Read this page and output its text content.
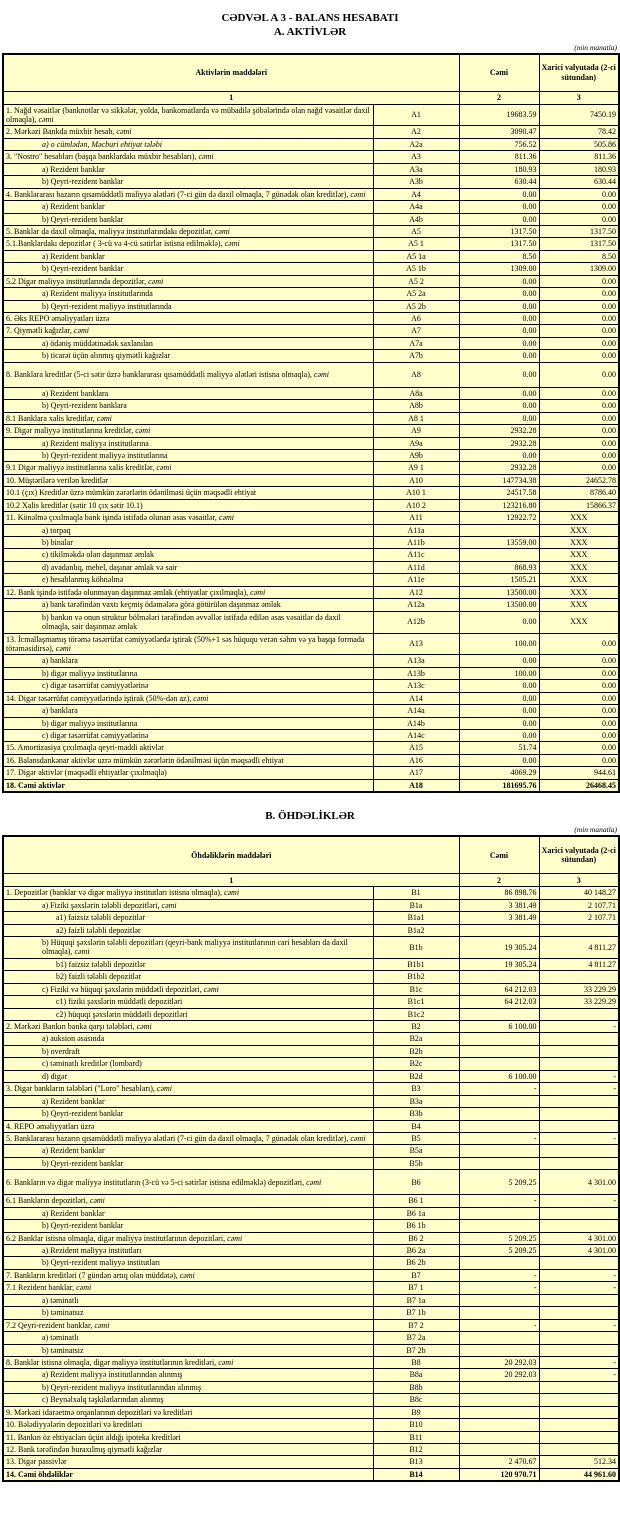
CƏDVƏL A 3 - BALANS HESABATI
A. AKTİVLƏR
(min manatla)
Aktivlərin maddələri		Cəmi	Xarici valyutada (2-ci sütundan)
1		2	3
1. Nağd vəsaitlər (banknotlar və sikkələr, yolda, bankomatlarda və mübadilə şöbələrində olan nağd vəsaitlər daxil olmaqla), cəmi	A1	19683.59	7450.19
2. Mərkəzi Bankda müxbir hesab, cəmi	A2	3090.47	78.42
a) o cümlədən, Məcburi ehtiyat tələbi	A2a	756.52	505.86
3. "Nostro" hesabları (başqa banklardakı müxbir hesabları), cəmi	A3	811.36	811.36
a) Rezident banklar	A3a	180.93	180.93
b) Qeyri-rezident banklar	A3b	630.44	630.44
4. Banklararası bazarın qısamüddətli maliyyə alətləri (7-ci gün də daxil olmaqla, 7 günədək olan kreditlər), cəmi	A4	0.00	0.00
a) Rezident banklar	A4a	0.00	0.00
b) Qeyri-rezident banklar	A4b	0.00	0.00
5. Banklar da daxil olmaqla, maliyyə institutlarındakı depozitlər, cəmi	A5	1317.50	1317.50
5.1.Banklardakı depozitlər ( 3-cü və 4-cü sətirlər istisna edilməklə), cəmi	A5 1	1317.50	1317.50
a) Rezident banklar	A5 1a	8.50	8.50
b) Qeyri-rezident banklar	A5 1b	1309.00	1309.00
5.2 Digər maliyyə institutlarında depozitlər, cəmi	A5 2	0.00	0.00
a) Rezident maliyyə institutlarında	A5 2a	0.00	0.00
b) Qeyri-rezident maliyyə institutlarında	A5 2b	0.00	0.00
6. Əks REPO əməliyyatları üzrə	A6	0.00	0.00
7. Qiymətli kağızlar, cəmi	A7	0.00	0.00
a) ödəniş müddətinədək saxlanılan	A7a	0.00	0.00
b) ticarət üçün alınmış qiymətli kağızlar	A7b	0.00	0.00
8. Banklara kreditlər (5-ci sətir üzrə banklararası qısamüddətli maliyyə alətləri istisna olmaqla), cəmi	A8	0.00	0.00
a) Rezident banklara	A8a	0.00	0.00
b) Qeyri-rezident banklara	A8b	0.00	0.00
8.1 Banklara xalis kreditlər, cəmi	A8 1	0.00	0.00
9. Digər maliyyə institutlarına kreditlər, cəmi	A9	2932.28	0.00
a) Rezident maliyyə institutlarına	A9a	2932.28	0.00
b) Qeyri-rezident maliyyə institutlarına	A9b	0.00	0.00
9.1 Digər maliyyə institutlarına xalis kreditlər, cəmi	A9 1	2932.28	0.00
10. Müştərilərə verilən kreditlər	A10	147734.38	24652.78
10.1 (çıx) Kreditlər üzrə mümkün zərərlərin ödənilməsi üçün məqsədli ehtiyat	A10 1	24517.58	8786.40
10.2 Xalis kreditlər (sətir 10 çıx sətir 10.1)	A10 2	123216.80	15866.37
11. Könəlmə çıxılmaqla bank işində istifadə olunan əsas vəsaitlər, cəmi	A11	12922.72	XXX
a) torpaq	A11a		XXX
b) binalar	A11b	13559.00	XXX
c) tikilməkdə olan daşınmaz əmlak	A11c		XXX
d) avadanlıq, mebel, daşınar əmlak və sair	A11d	868.93	XXX
e) hesablanmış köhnəlmə	A11e	1505.21	XXX
12. Bank işində istifadə olunmayan daşınmaz əmlak (ehtiyatlar çıxılmaqla), cəmi	A12	13500.00	XXX
a) bank tərəfindən vaxtı keçmiş ödəmələrə görə götürülən daşınmaz əmlak	A12a	13500.00	XXX
b) bankın və onun struktur bölmələri tərəfindən əvvəllər istifadə edilən əsas vəsaitlər də daxil olmaqla, sair daşınmaz əmlak	A12b	0.00	XXX
13. İcmallaşmamış törəmə təsərrüfat cəmiyyətlərdə iştirak (50%+1 səs hüququ verən səhm və ya başqa formada törəməsidirsə), cəmi	A13	100.00	0.00
a) banklara	A13a	0.00	0.00
b) digər maliyyə institutlarına	A13b	100.00	0.00
c) digər təsərrüfat cəmiyyətlərinə	A13c	0.00	0.00
14. Digər təsərrüfat cəmiyyətlərində iştirak (50%-dən az), cəmi	A14	0.00	0.00
a) banklara	A14a	0.00	0.00
b) digər maliyyə institutlarına	A14b	0.00	0.00
c) digər təsərrüfat cəmiyyətlərinə	A14c	0.00	0.00
15. Amortizasiya çıxılmaqla qeyri-maddi aktivlər	A15	51.74	0.00
16. Balansdankənar aktivlər uzrə mümkün zərərlərin ödənilməsi üçün məqsədli ehtiyat	A16	0.00	0.00
17. Digər aktivlər (məqsədli ehtiyatlar çıxılmaqla)	A17	4069.29	944.61
18. Cəmi aktivlər	A18	181695.76	26468.45
B. ÖHDƏLİKLƏR
(min manatla)
Öhdəliklərin maddələri		Cəmi	Xarici valyutada (2-ci sütundan)
1		2	3
1. Depozitlər (banklar və digər maliyyə institutları istisna olmaqla), cəmi	B1	86 898.76	40 148.27
a) Fiziki şəxslərin tələbli depozitləri, cəmi	B1a	3 381.49	2 107.71
a1) faizsiz tələbli depozitlər	B1a1	3 381.49	2 107.71
a2) faizli tələbli depozitlər	B1a2		
b) Hüquqi şəxslərin tələbli depozitləri (qeyri-bank maliyyə institutlarının cari hesabları da daxil olmaqla), cəmi	B1b	19 305.24	4 811.27
b1) faizsiz tələbli depozitlər	B1b1	19 305.24	4 811.27
b2) faizli tələbli depozitlər	B1b2		
c) Fiziki və hüquqi şəxslərin müddətli depozitləri, cəmi	B1c	64 212.03	33 229.29
c1) fiziki şəxslərin müddətli depozitləri	B1c1	64 212.03	33 229.29
c2) hüquqi şəxslərin müddətli depozitləri	B1c2		
2. Mərkəzi Bankın banka qarşı tələbləri, cəmi	B2	6 100.00	-
a) auksion əsasında	B2a		
b) overdraft	B2b		
c) təminatlı kreditlər (lombard)	B2c		
d) digər	B2d	6 100.00	-
3. Digər bankların tələbləri ("Loro" hesabları), cəmi	B3	-	-
a) Rezident banklar	B3a		
b) Qeyri-rezident banklar	B3b		
4. REPO əməliyyatları üzrə	B4		
5. Banklararası bazarın qısamüddətli maliyyə alətləri (7-ci gün də daxil olmaqla, 7 günədək olan kreditlər), cəmi	B5	-	-
a) Rezident banklar	B5a		
b) Qeyri-rezident banklar	B5b		
6. Bankların və digər maliyyə institutların (3-cü və 5-ci sətirlər istisna edilməklə) depozitləri, cəmi	B6	5 209.25	4 301.00
6.1 Bankların depozitləri, cəmi	B6 1	-	-
a) Rezident banklar	B6 1a		
b) Qeyri-rezident banklar	B6 1b		
6.2 Banklar istisna olmaqla, digər maliyyə institutlarının depozitləri, cəmi	B6 2	5 209.25	4 301.00
a) Rezident maliyyə institutları	B6 2a	5 209.25	4 301.00
b) Qeyri-rezident maliyyə institutları	B6 2b		
7. Bankların kreditləri (7 gündən artıq olan müddətə), cəmi	B7	-	-
7.1 Rezident banklar, cəmi	B7 1	-	-
a) təminatlı	B7 1a		
b) təminatsız	B7 1b		
7.2 Qeyri-rezident banklar, cəmi	B7 2	-	-
a) təminatlı	B7 2a		
b) təminatsız	B7 2b		
8. Banklar istisna olmaqla, digər maliyyə institutlarının kreditləri, cəmi	B8	20 292.03	-
a) Rezident maliyyə institutlarından alınmış	B8a	20 292.03	-
b) Qeyri-rezident maliyyə institutlarından alınmış	B8b		
c) Beynəlxalq təşkilatlarından alınmış	B8c		
9. Mərkəzi idarəetmə orqanlarının depozitləri və kreditləri	B9		
10. Bələdiyyələrin depozitləri və kreditləri	B10		
11. Bankın öz ehtiyacları üçün aldığı ipoteka kreditləri	B11		
12. Bank tərəfindən buraxılmış qiymətli kağızlar	B12		
13. Digər passivlər	B13	2 470.67	512.34
14. Cəmi öhdəliklər	B14	120 970.71	44 961.60
